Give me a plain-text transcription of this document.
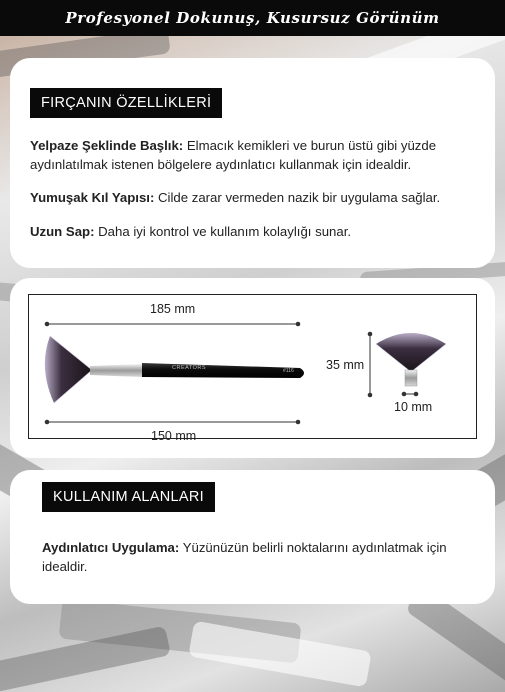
Profesyonel Dokunuş, Kusursuz Görünüm
FIRÇANIN ÖZELLİKLERİ

Yelpaze Şeklinde Başlık: Elmacık kemikleri ve burun üstü gibi yüzde aydınlatılmak istenen bölgelere aydınlatıcı kullanmak için idealdir.

Yumuşak Kıl Yapısı: Cilde zarar vermeden nazik bir uygulama sağlar.

Uzun Sap: Daha iyi kontrol ve kullanım kolaylığı sunar.

185 mm
150 mm
35 mm
10 mm
CREATORS	#116
KULLANIM ALANLARI

Aydınlatıcı Uygulama: Yüzünüzün belirli noktalarını aydınlatmak için idealdir.
